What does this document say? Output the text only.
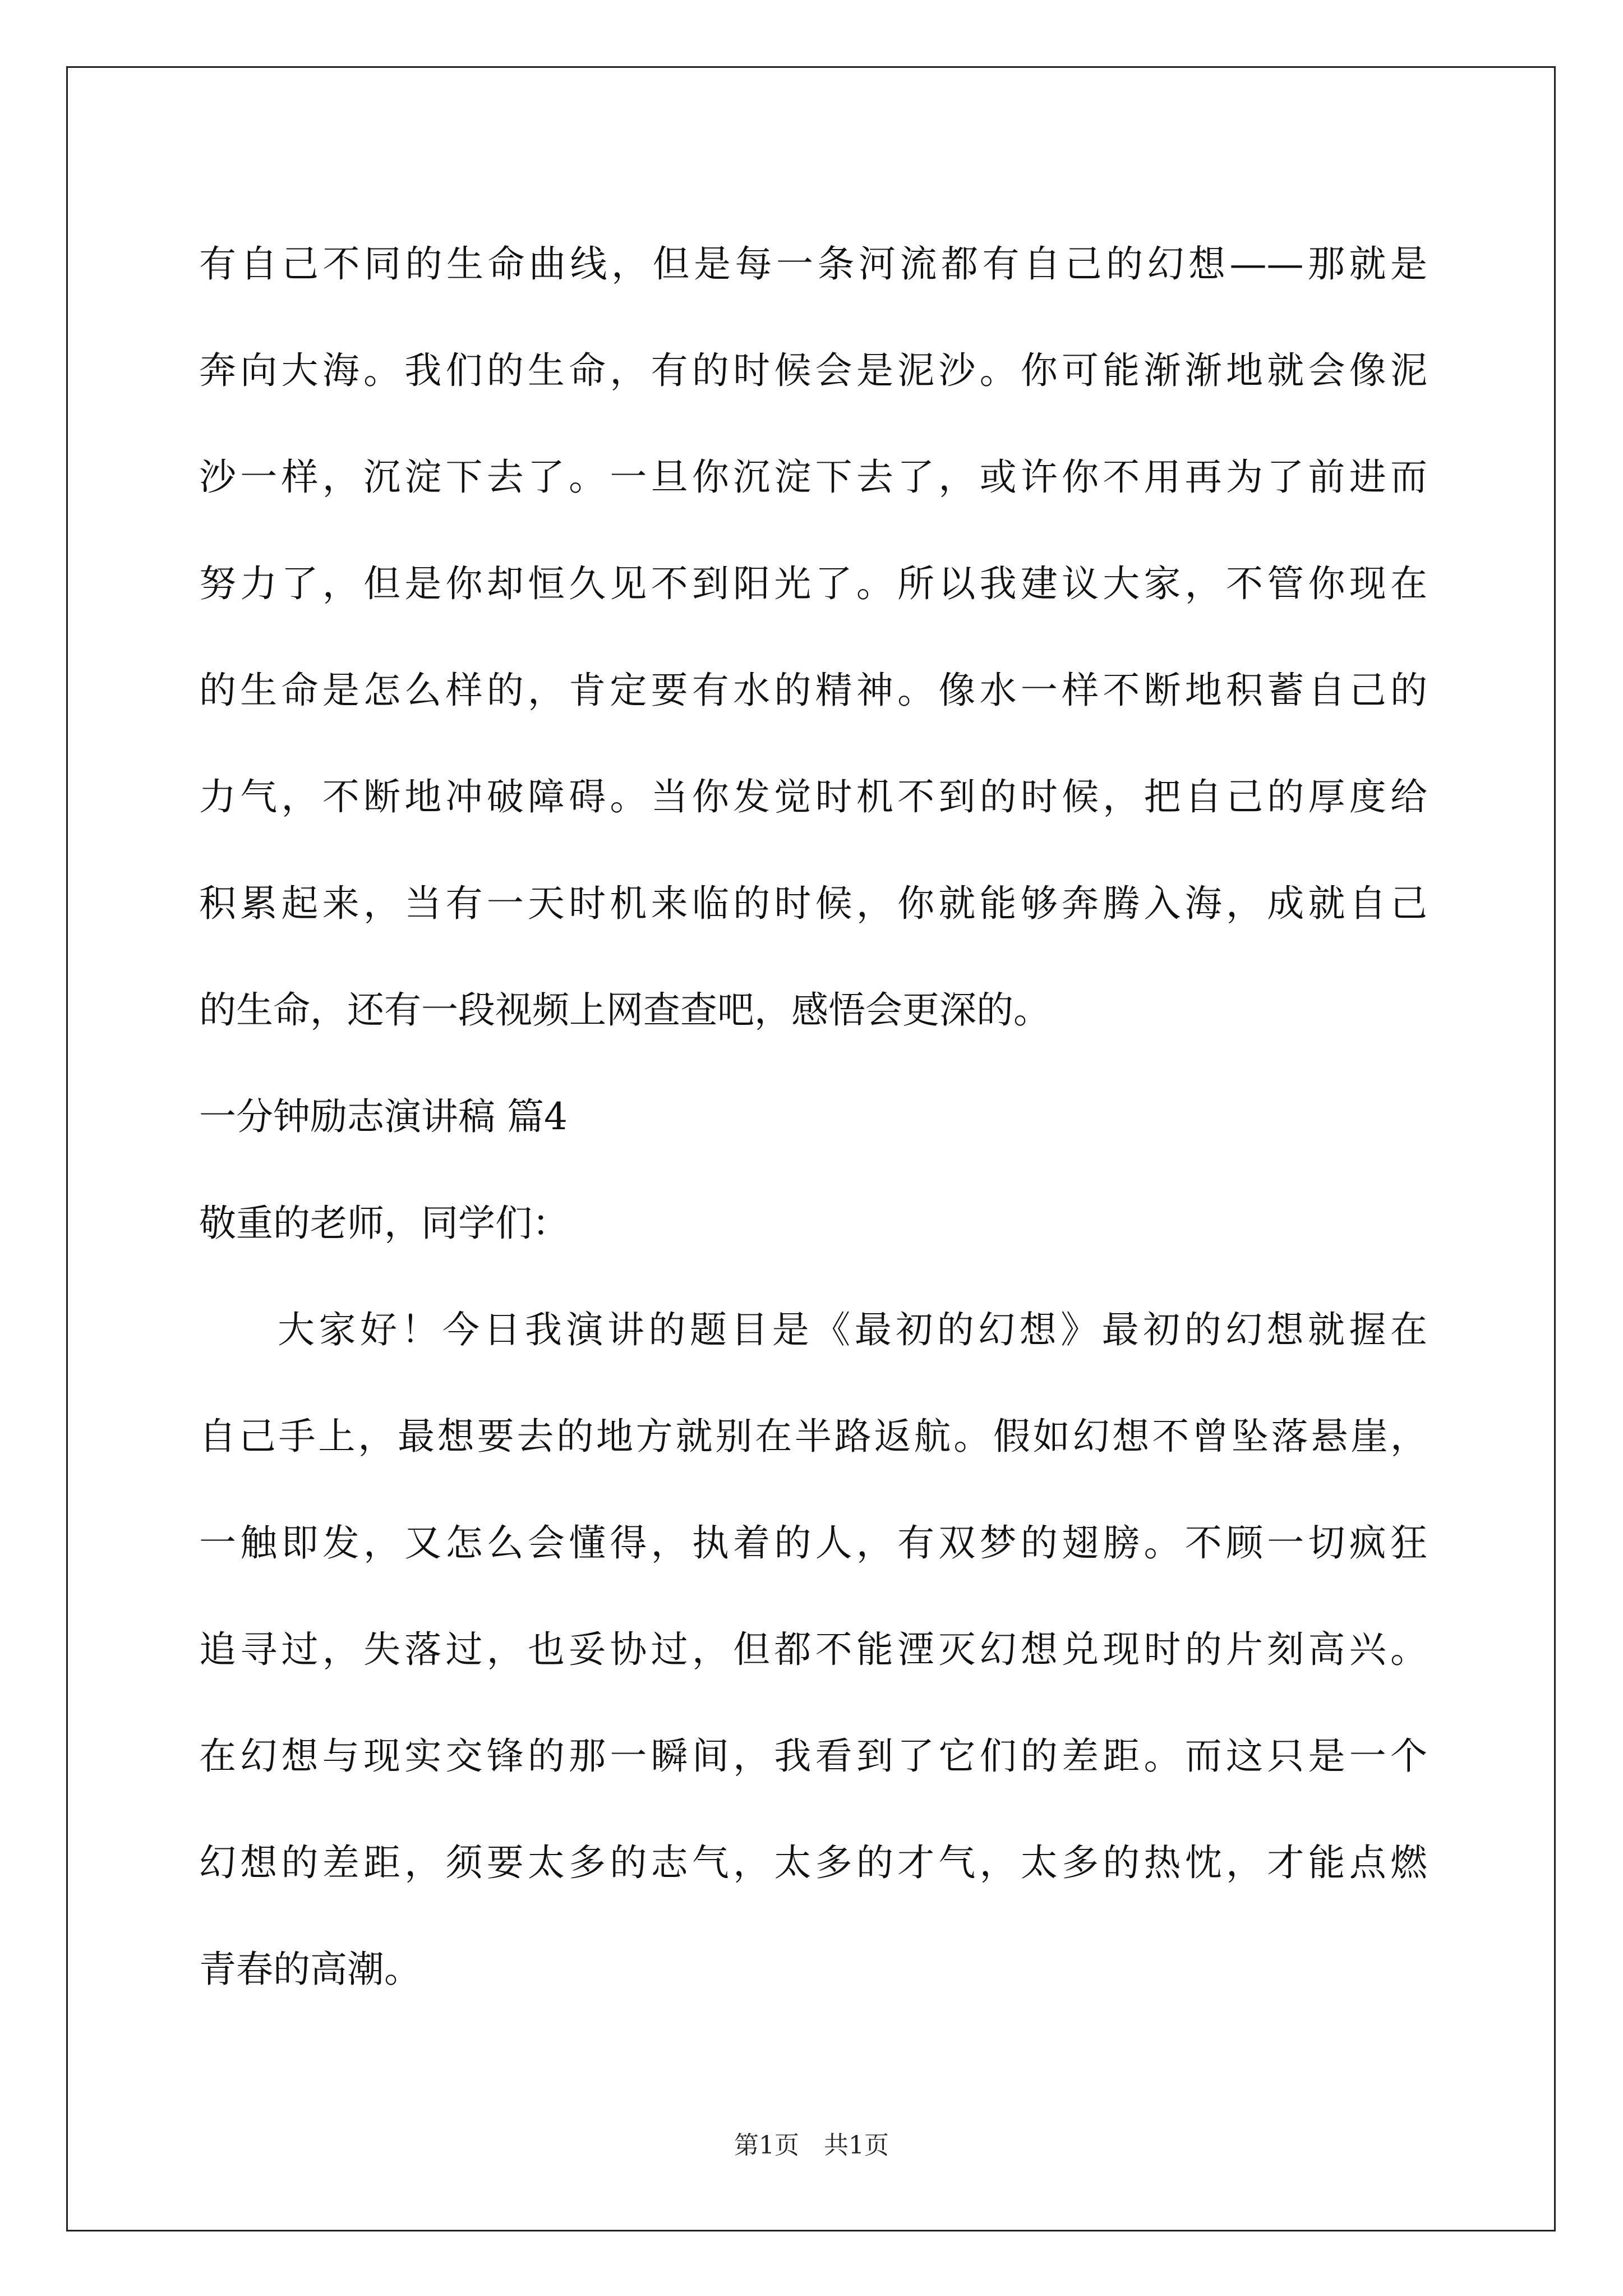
有自己不同的生命曲线，但是每一条河流都有自己的幻想——那就是
奔向大海。我们的生命，有的时候会是泥沙。你可能渐渐地就会像泥
沙一样，沉淀下去了。一旦你沉淀下去了，或许你不用再为了前进而
努力了，但是你却恒久见不到阳光了。所以我建议大家，不管你现在
的生命是怎么样的，肯定要有水的精神。像水一样不断地积蓄自己的
力气，不断地冲破障碍。当你发觉时机不到的时候，把自己的厚度给
积累起来，当有一天时机来临的时候，你就能够奔腾入海，成就自己
的生命，还有一段视频上网查查吧，感悟会更深的。
一分钟励志演讲稿 篇4
敬重的老师，同学们：
大家好！今日我演讲的题目是《最初的幻想》最初的幻想就握在
自己手上，最想要去的地方就别在半路返航。假如幻想不曾坠落悬崖，
一触即发，又怎么会懂得，执着的人，有双梦的翅膀。不顾一切疯狂
追寻过，失落过，也妥协过，但都不能湮灭幻想兑现时的片刻高兴。
在幻想与现实交锋的那一瞬间，我看到了它们的差距。而这只是一个
幻想的差距，须要太多的志气，太多的才气，太多的热忱，才能点燃
青春的高潮。
第1页　共1页
